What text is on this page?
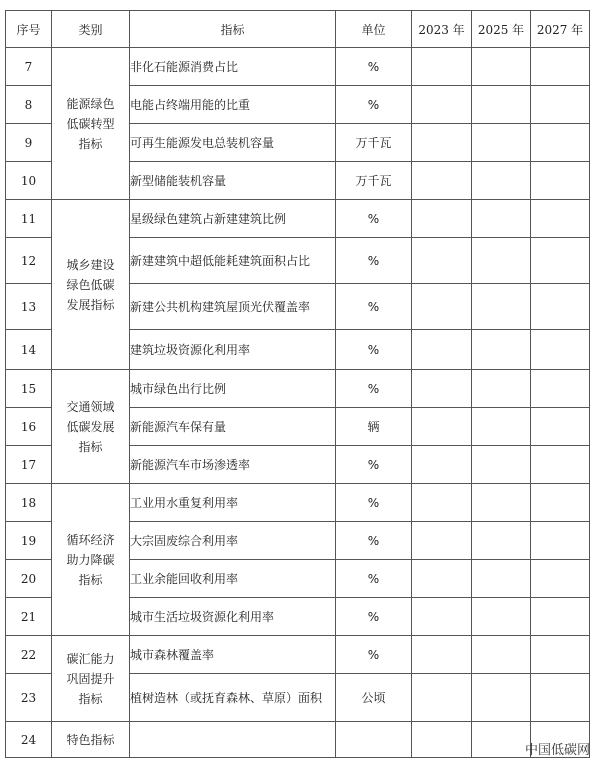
序号	类别	指标	单位	2023 年	2025 年	2027 年
7	能源绿色低碳转型指标	非化石能源消费占比	%			
8		电能占终端用能的比重	%			
9		可再生能源发电总装机容量	万千瓦			
10		新型储能装机容量	万千瓦			
11	城乡建设绿色低碳发展指标	星级绿色建筑占新建建筑比例	%			
12		新建建筑中超低能耗建筑面积占比	%			
13		新建公共机构建筑屋顶光伏覆盖率	%			
14		建筑垃圾资源化利用率	%			
15	交通领域低碳发展指标	城市绿色出行比例	%			
16		新能源汽车保有量	辆			
17		新能源汽车市场渗透率	%			
18	循环经济助力降碳指标	工业用水重复利用率	%			
19		大宗固废综合利用率	%			
20		工业余能回收利用率	%			
21		城市生活垃圾资源化利用率	%			
22	碳汇能力巩固提升指标	城市森林覆盖率	%			
23		植树造林（或抚育森林、草原）面积	公顷			
24	特色指标					
中国低碳网
